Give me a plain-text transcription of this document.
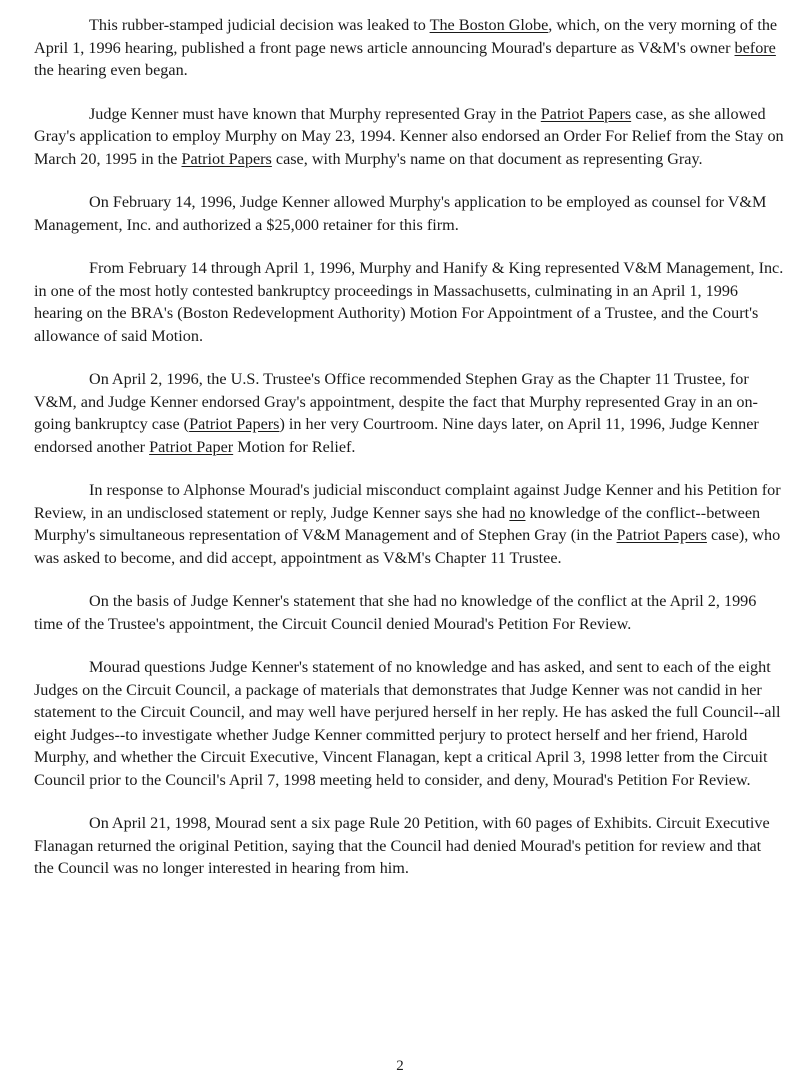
This rubber-stamped judicial decision was leaked to The Boston Globe, which, on the very morning of the April 1, 1996 hearing, published a front page news article announcing Mourad's departure as V&M's owner before the hearing even began.

Judge Kenner must have known that Murphy represented Gray in the Patriot Papers case, as she allowed Gray's application to employ Murphy on May 23, 1994. Kenner also endorsed an Order For Relief from the Stay on March 20, 1995 in the Patriot Papers case, with Murphy's name on that document as representing Gray.

On February 14, 1996, Judge Kenner allowed Murphy's application to be employed as counsel for V&M Management, Inc. and authorized a $25,000 retainer for this firm.

From February 14 through April 1, 1996, Murphy and Hanify & King represented V&M Management, Inc. in one of the most hotly contested bankruptcy proceedings in Massachusetts, culminating in an April 1, 1996 hearing on the BRA's (Boston Redevelopment Authority) Motion For Appointment of a Trustee, and the Court's allowance of said Motion.

On April 2, 1996, the U.S. Trustee's Office recommended Stephen Gray as the Chapter 11 Trustee, for V&M, and Judge Kenner endorsed Gray's appointment, despite the fact that Murphy represented Gray in an on-going bankruptcy case (Patriot Papers) in her very Courtroom. Nine days later, on April 11, 1996, Judge Kenner endorsed another Patriot Paper Motion for Relief.

In response to Alphonse Mourad's judicial misconduct complaint against Judge Kenner and his Petition for Review, in an undisclosed statement or reply, Judge Kenner says she had no knowledge of the conflict--between Murphy's simultaneous representation of V&M Management and of Stephen Gray (in the Patriot Papers case), who was asked to become, and did accept, appointment as V&M's Chapter 11 Trustee.

On the basis of Judge Kenner's statement that she had no knowledge of the conflict at the April 2, 1996 time of the Trustee's appointment, the Circuit Council denied Mourad's Petition For Review.

Mourad questions Judge Kenner's statement of no knowledge and has asked, and sent to each of the eight Judges on the Circuit Council, a package of materials that demonstrates that Judge Kenner was not candid in her statement to the Circuit Council, and may well have perjured herself in her reply. He has asked the full Council--all eight Judges--to investigate whether Judge Kenner committed perjury to protect herself and her friend, Harold Murphy, and whether the Circuit Executive, Vincent Flanagan, kept a critical April 3, 1998 letter from the Circuit Council prior to the Council's April 7, 1998 meeting held to consider, and deny, Mourad's Petition For Review.

On April 21, 1998, Mourad sent a six page Rule 20 Petition, with 60 pages of Exhibits. Circuit Executive Flanagan returned the original Petition, saying that the Council had denied Mourad's petition for review and that the Council was no longer interested in hearing from him.

2
